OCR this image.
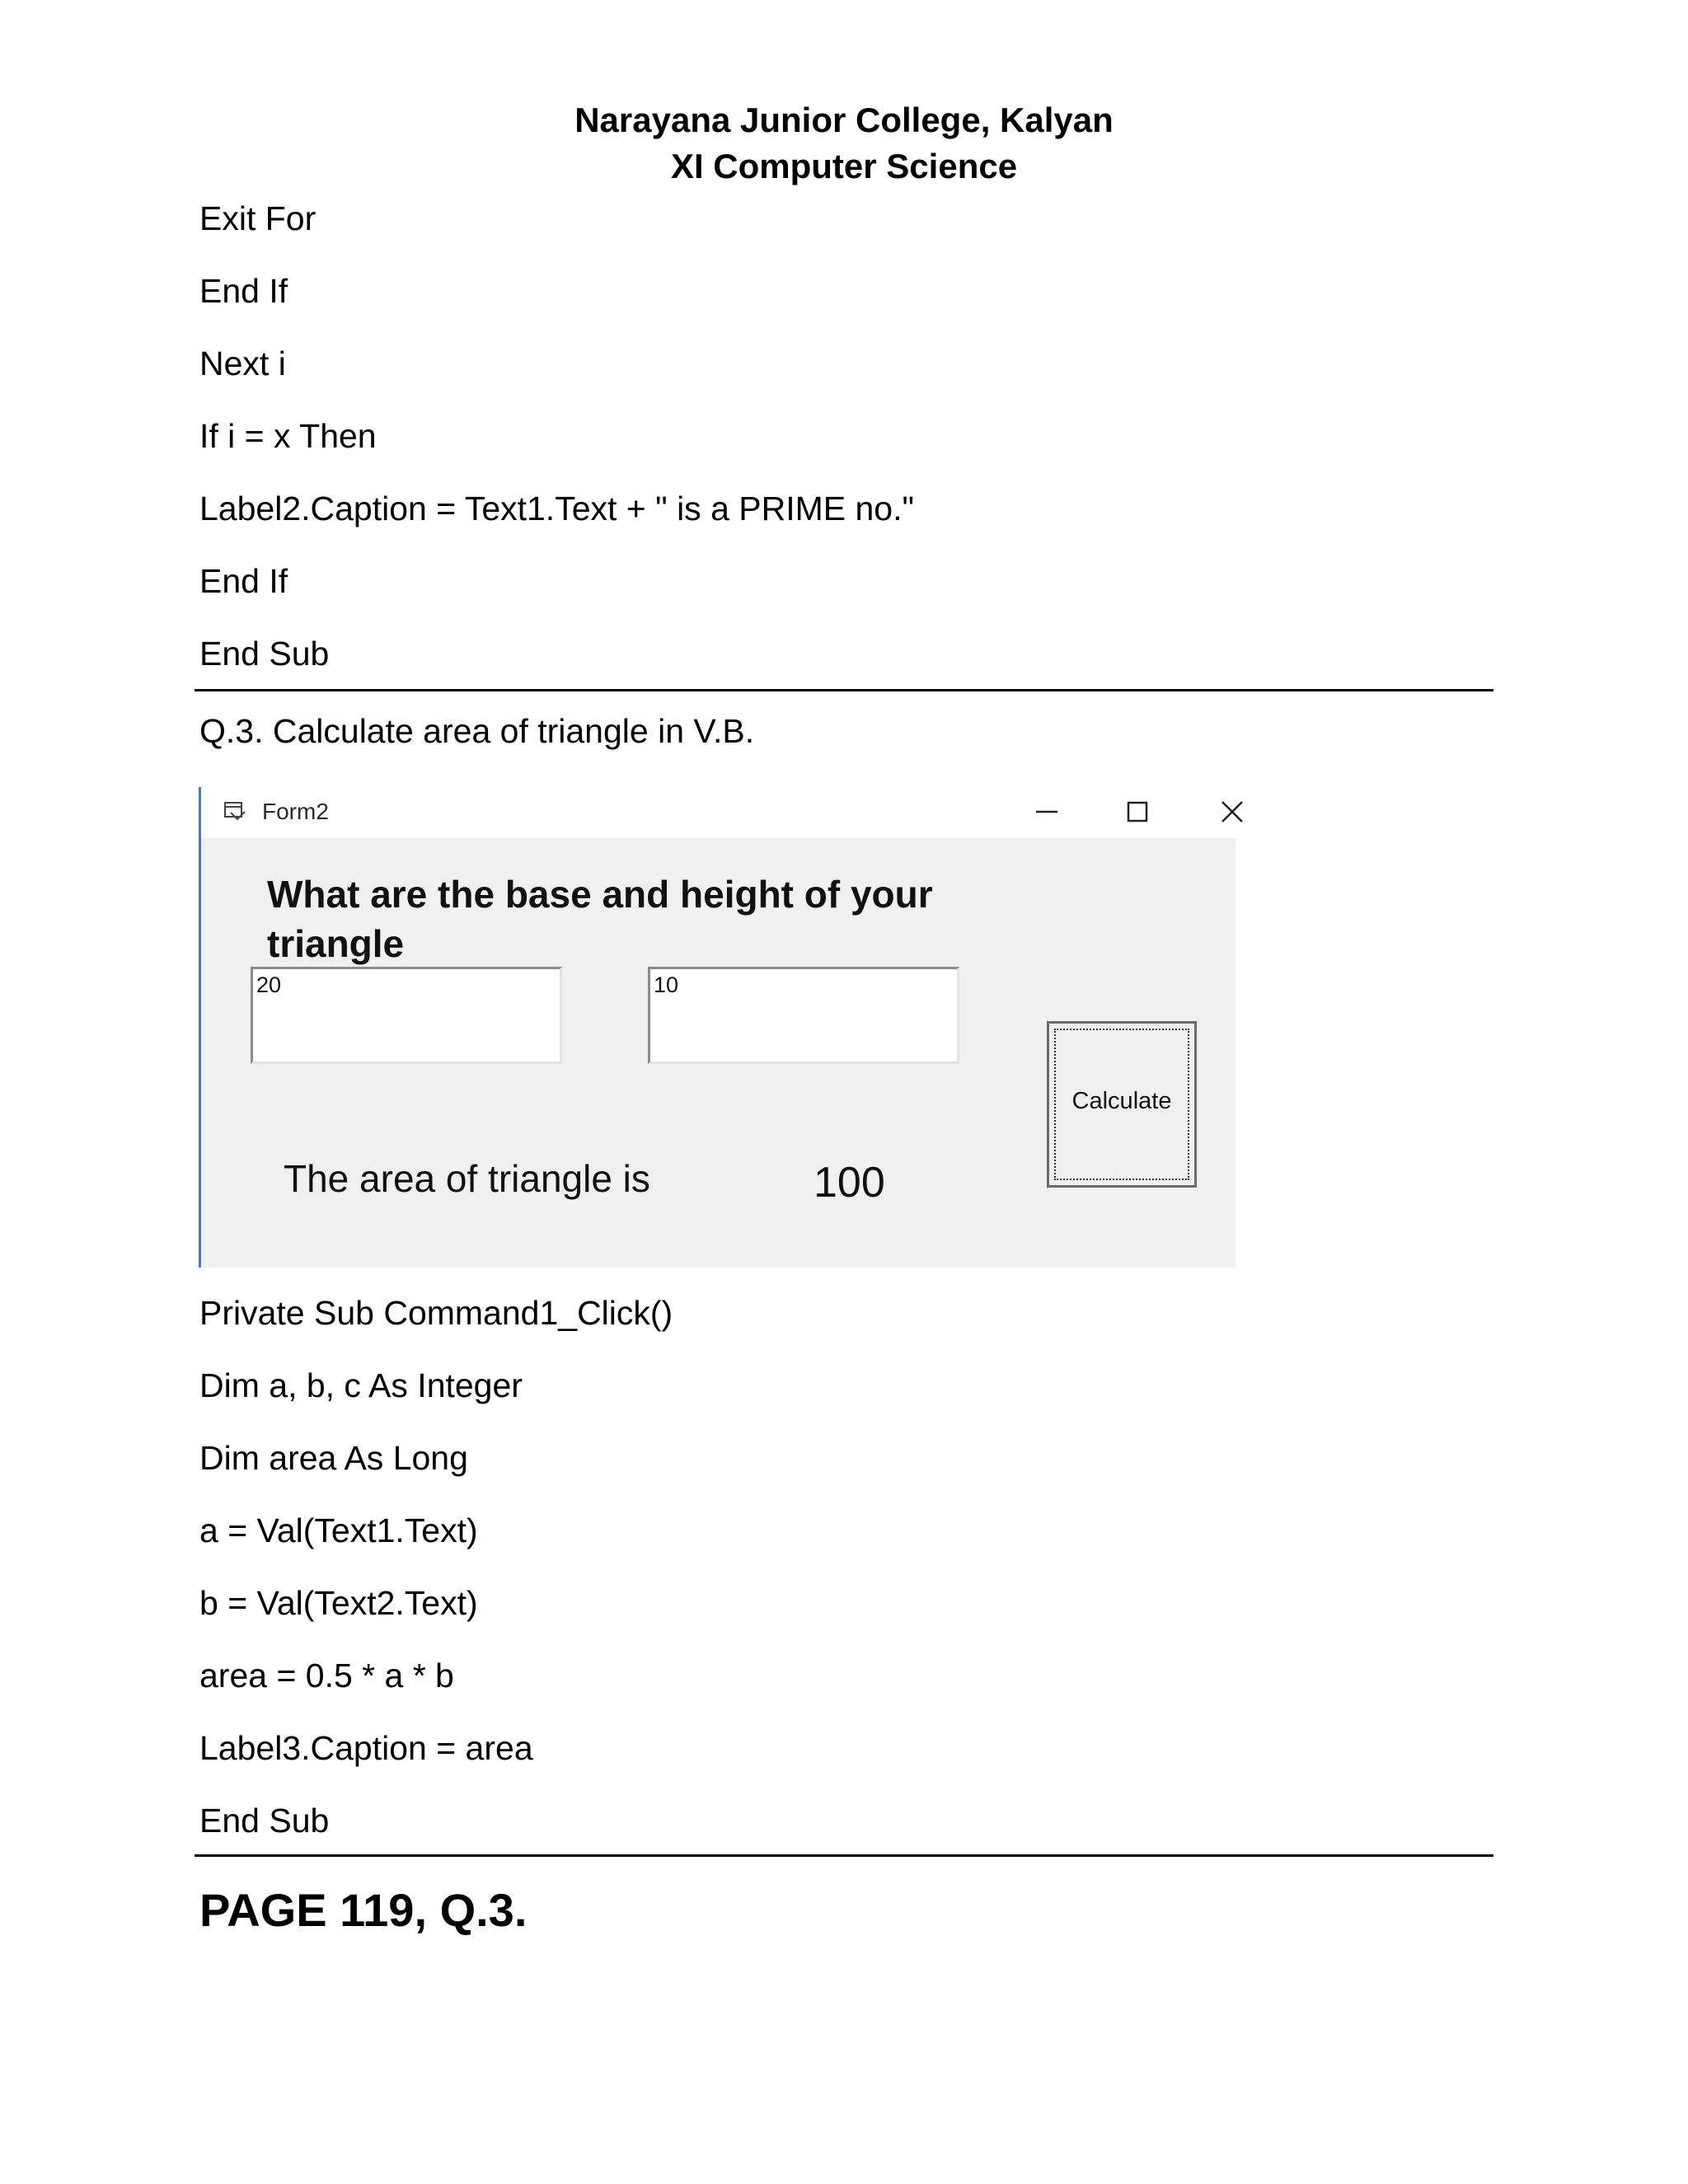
Narayana Junior College, Kalyan
XI Computer Science
Exit For
End If
Next i
If i = x Then
Label2.Caption = Text1.Text + " is a PRIME no."
End If
End Sub
Q.3. Calculate area of triangle in V.B.
Form2
What are the base and height of your triangle
20	10
Calculate
The area of triangle is	100
Private Sub Command1_Click()
Dim a, b, c As Integer
Dim area As Long
a = Val(Text1.Text)
b = Val(Text2.Text)
area = 0.5 * a * b
Label3.Caption = area
End Sub
PAGE 119, Q.3.
